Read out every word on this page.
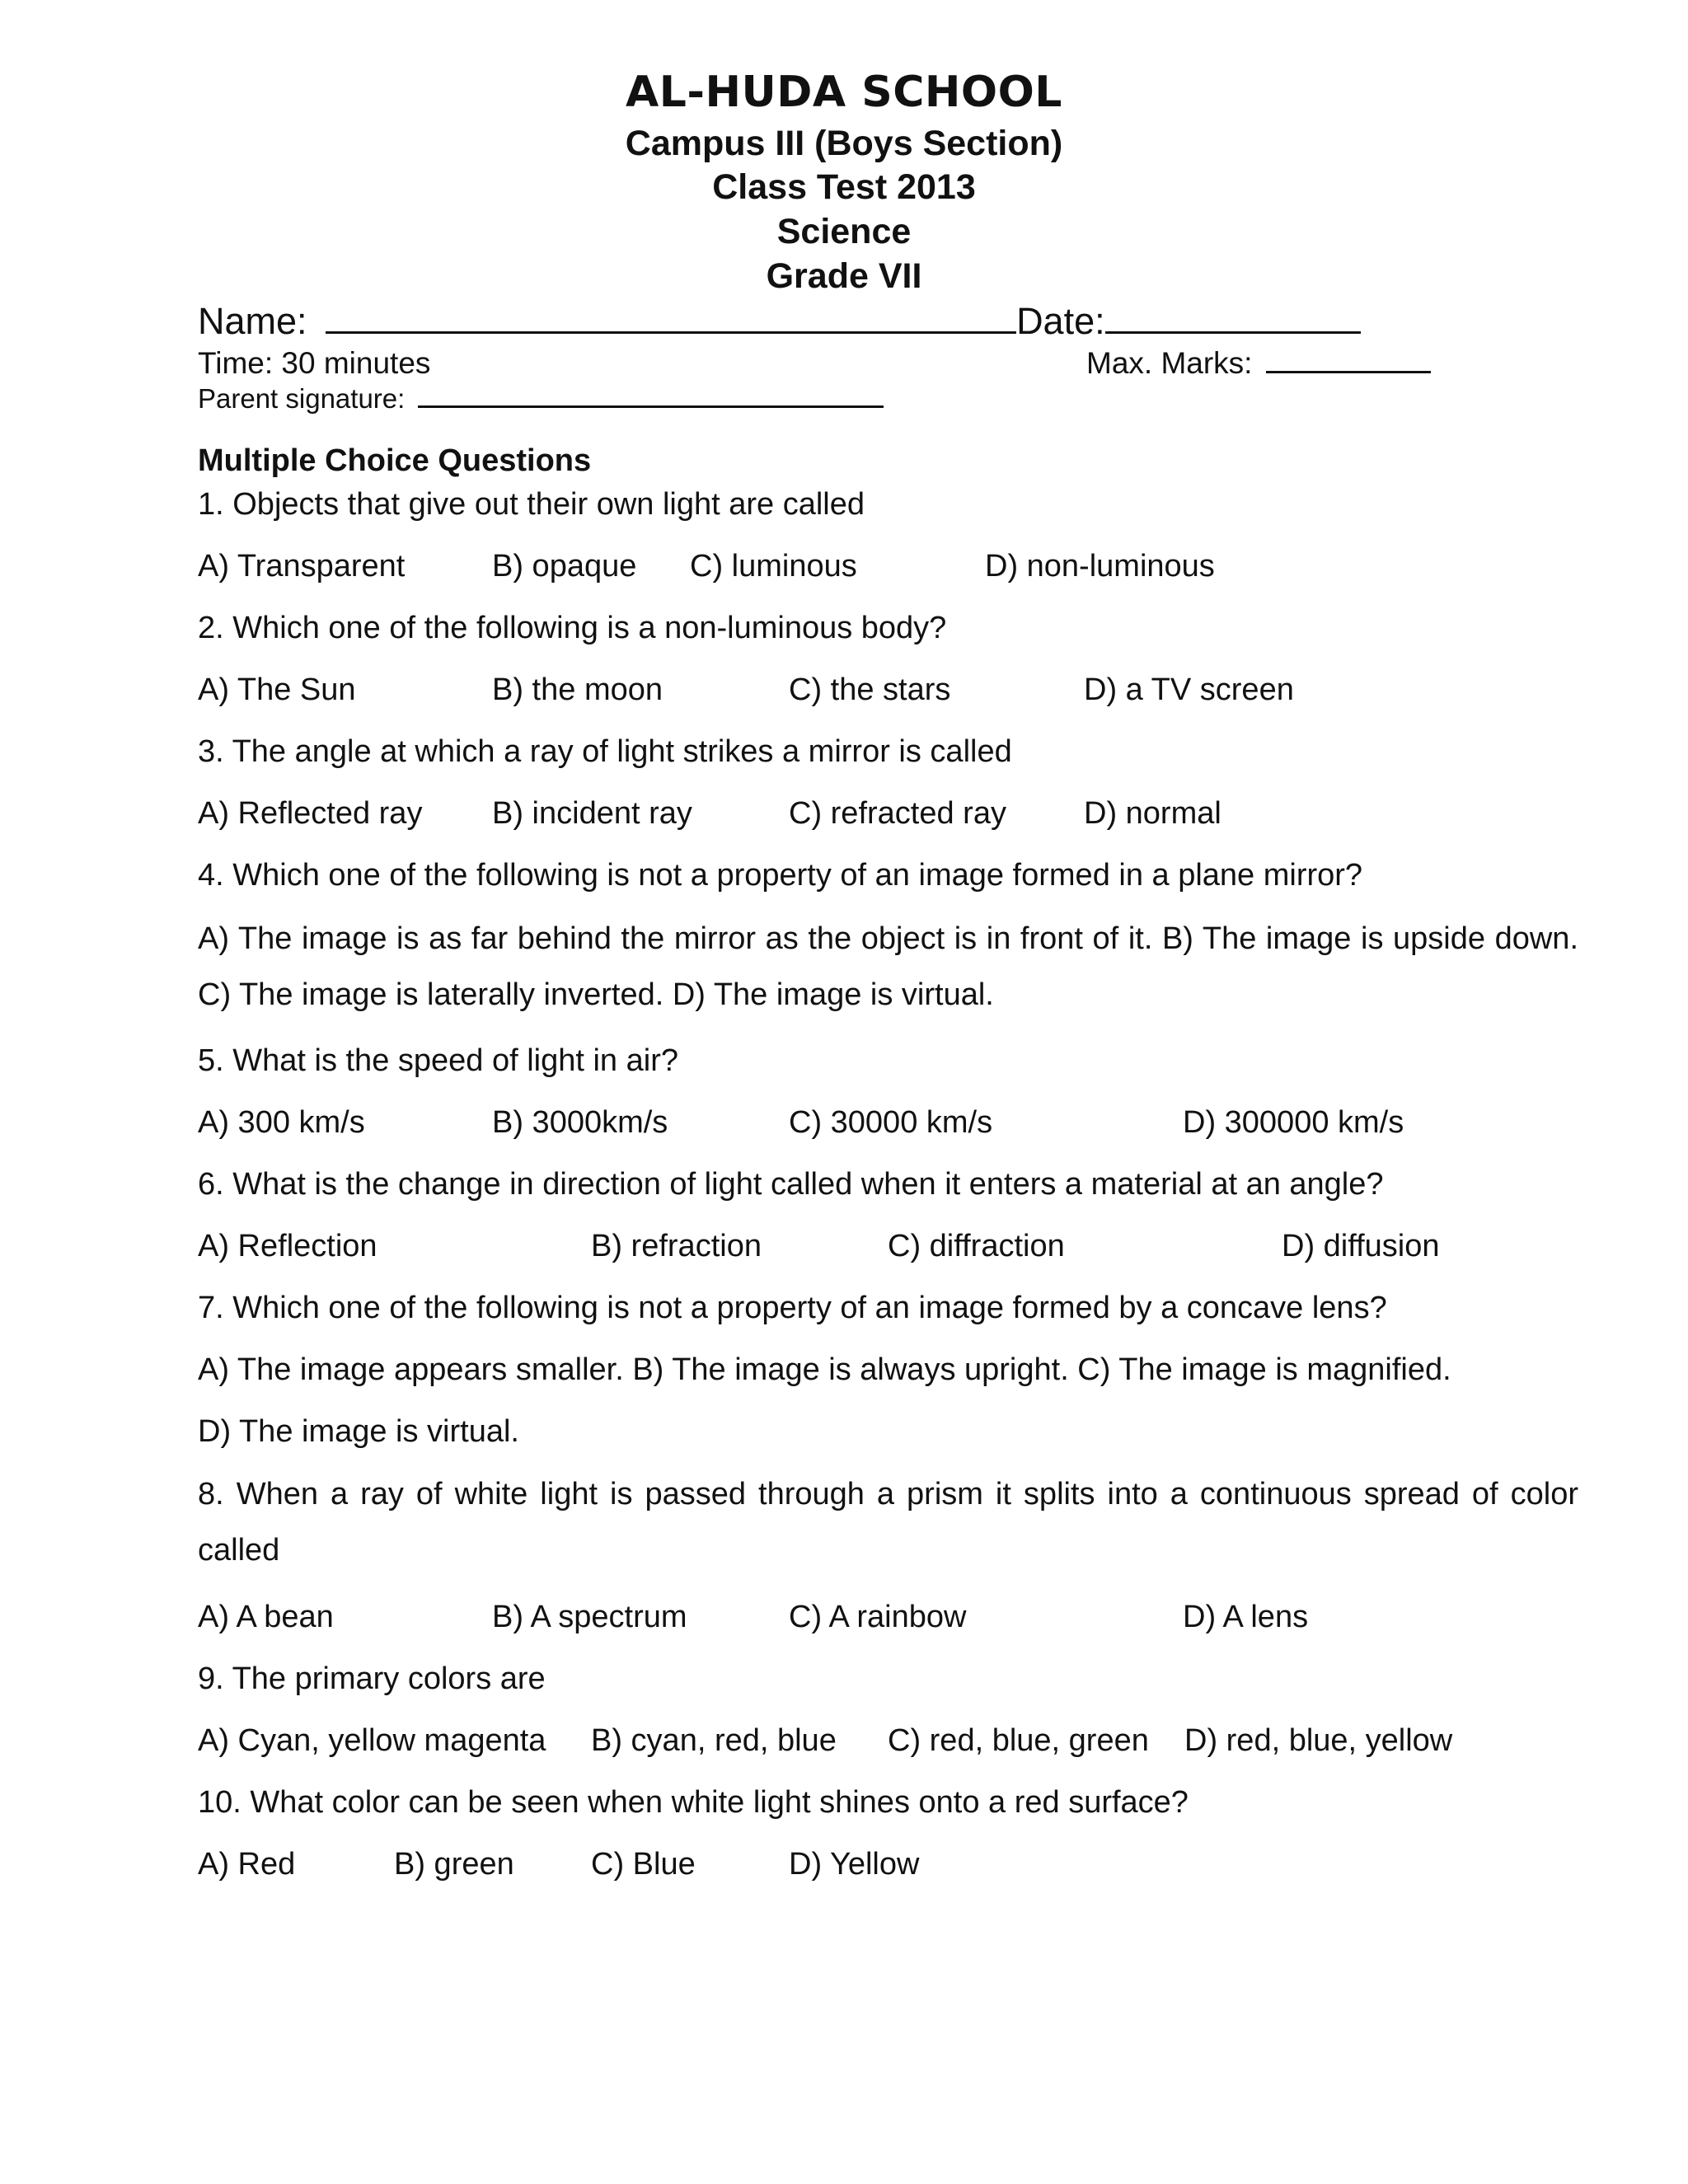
AL-HUDA SCHOOL
Campus III (Boys Section)
Class Test 2013
Science
Grade VII
Name:	Date:
Time: 30 minutes	Max. Marks:
Parent signature:
Multiple Choice Questions
1. Objects that give out their own light are called
A) Transparent	B) opaque C) luminous	D) non-luminous
2. Which one of the following is a non-luminous body?
A) The Sun	B) the moon	C) the stars	D) a TV screen
3. The angle at which a ray of light strikes a mirror is called
A) Reflected ray B) incident ray	C) refracted ray D) normal
4. Which one of the following is not a property of an image formed in a plane mirror?
A) The image is as far behind the mirror as the object is in front of it. B) The image is upside down. C) The image is laterally inverted. D) The image is virtual.
5. What is the speed of light in air?
A) 300 km/s	B) 3000km/s	C) 30000 km/s	D) 300000 km/s
6. What is the change in direction of light called when it enters a material at an angle?
A) Reflection	B) refraction	C) diffraction	D) diffusion
7. Which one of the following is not a property of an image formed by a concave lens?
A) The image appears smaller. B) The image is always upright. C) The image is magnified.
D) The image is virtual.
8. When a ray of white light is passed through a prism it splits into a continuous spread of color called
A) A bean	B) A spectrum	C) A rainbow	D) A lens
9. The primary colors are
A) Cyan, yellow magenta B) cyan, red, blue C) red, blue, green D) red, blue, yellow
10. What color can be seen when white light shines onto a red surface?
A) Red	B) green C) Blue	D) Yellow
